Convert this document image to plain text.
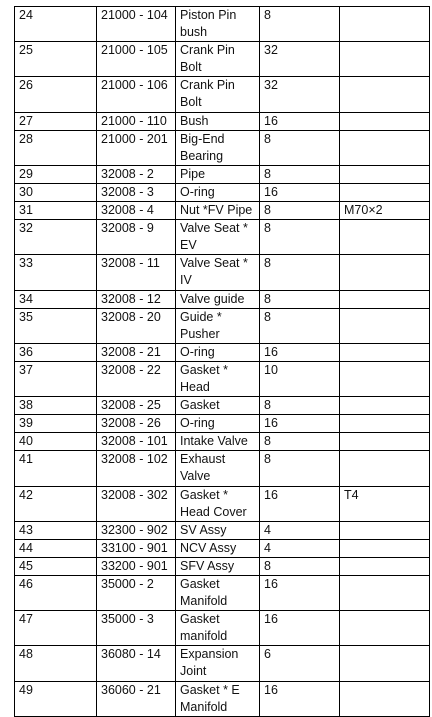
24	21000 - 104	Piston Pin bush	8	
25	21000 - 105	Crank Pin Bolt	32	
26	21000 - 106	Crank Pin Bolt	32	
27	21000 - 110	Bush	16	
28	21000 - 201	Big-End Bearing	8	
29	32008 - 2	Pipe	8	
30	32008 - 3	O-ring	16	
31	32008 - 4	Nut *FV Pipe	8	M70×2
32	32008 - 9	Valve Seat * EV	8	
33	32008 - 11	Valve Seat * IV	8	
34	32008 - 12	Valve guide	8	
35	32008 - 20	Guide * Pusher	8	
36	32008 - 21	O-ring	16	
37	32008 - 22	Gasket * Head	10	
38	32008 - 25	Gasket	8	
39	32008 - 26	O-ring	16	
40	32008 - 101	Intake Valve	8	
41	32008 - 102	Exhaust Valve	8	
42	32008 - 302	Gasket * Head Cover	16	T4
43	32300 - 902	SV Assy	4	
44	33100 - 901	NCV Assy	4	
45	33200 - 901	SFV Assy	8	
46	35000 - 2	Gasket Manifold	16	
47	35000 - 3	Gasket manifold	16	
48	36080 - 14	Expansion Joint	6	
49	36060 - 21	Gasket * E Manifold	16	
